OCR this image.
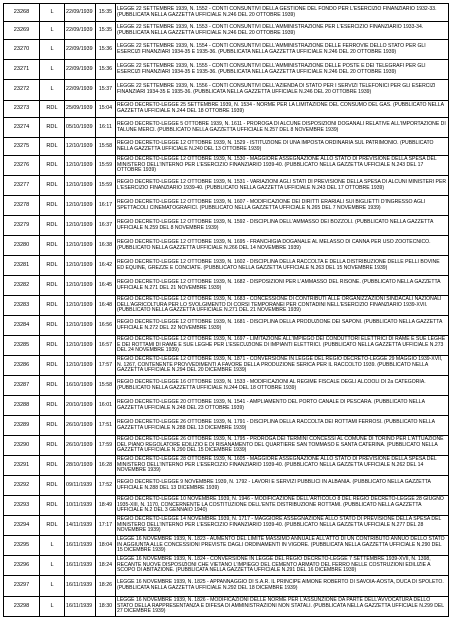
23268	L	22/09/1939	15:35	LEGGE 22 SETTEMBRE 1939, N. 1552 - CONTI CONSUNTIVI DELLA GESTIONE DEL FONDO PER L'ESERCIZIO FINANZIARIO 1932-33. (PUBBLICATA NELLA GAZZETTA UFFICIALE N.246 DEL 20 OTTOBRE 1939)
23269	L	22/09/1939	15:35	LEGGE 22 SETTEMBRE 1939, N. 1553 - CONTI CONSUNTIVI DELL'AMMINISTRAZIONE PER L'ESERCIZIO FINANZIARIO 1933-34. (PUBBLICATA NELLA GAZZETTA UFFICIALE N.246 DEL 20 OTTOBRE 1939)
23270	L	22/09/1939	15:36	LEGGE 22 SETTEMBRE 1939, N. 1554 - CONTI CONSUNTIVI DELL'AMMINISTRAZIONE DELLE FERROVIE DELLO STATO PER GLI ESERCIZI FINANZIARI 1934-35 E 1935-36. (PUBBLICATA NELLA GAZZETTA UFFICIALE N.246 DEL 20 OTTOBRE 1939)
23271	L	22/09/1939	15:36	LEGGE 22 SETTEMBRE 1939, N. 1555 - CONTI CONSUNTIVI DELL'AMMINISTRAZIONE DELLE POSTE E DEI TELEGRAFI PER GLI ESERCIZI FINANZIARI 1934-35 E 1935-36. (PUBBLICATA NELLA GAZZETTA UFFICIALE N.246 DEL 20 OTTOBRE 1939)
23272	L	22/09/1939	15:37	LEGGE 22 SETTEMBRE 1939, N. 1556 - CONTI CONSUNTIVI DELL'AZIENDA DI STATO PER I SERVIZI TELEFONICI PER GLI ESERCIZI FINANZIARI 1934-35 E 1935-36. (PUBBLICATA NELLA GAZZETTA UFFICIALE N.246 DEL 20 OTTOBRE 1939)
23273	RDL	25/09/1939	15:04	REGIO DECRETO-LEGGE 25 SETTEMBRE 1939, N. 1534 - NORME PER LA LIMITAZIONE DEL CONSUMO DEL GAS. (PUBBLICATO NELLA GAZZETTA UFFICIALE N.244 DEL 18 OTTOBRE 1939)
23274	RDL	05/10/1939	16:11	REGIO DECRETO-LEGGE 5 OTTOBRE 1939, N. 1611 - PROROGA DI ALCUNE DISPOSIZIONI DOGANALI RELATIVE ALL'IMPORTAZIONE DI TALUNE MERCI. (PUBBLICATO NELLA GAZZETTA UFFICIALE N.257 DEL 8 NOVEMBRE 1939)
23275	RDL	12/10/1939	15:58	REGIO DECRETO-LEGGE 12 OTTOBRE 1939, N. 1529 - ISTITUZIONE DI UNA IMPOSTA ORDINARIA SUL PATRIMONIO. (PUBBLICATO NELLA GAZZETTA UFFICIALE N.240 DEL 13 OTTOBRE 1939)
23276	RDL	12/10/1939	15:59	REGIO DECRETO-LEGGE 12 OTTOBRE 1939, N. 1530 - MAGGIORE ASSEGNAZIONE ALLO STATO DI PREVISIONE DELLA SPESA DEL MINISTERO DELL'INTERNO PER L'ESERCIZIO FINANZIARIO 1939-40. (PUBBLICATO NELLA GAZZETTA UFFICIALE N.243 DEL 17 OTTOBRE 1939)
23277	RDL	12/10/1939	15:59	REGIO DECRETO-LEGGE 12 OTTOBRE 1939, N. 1531 - VARIAZIONI AGLI STATI DI PREVISIONE DELLA SPESA DI ALCUNI MINISTERI PER L'ESERCIZIO FINANZIARIO 1939-40. (PUBBLICATO NELLA GAZZETTA UFFICIALE N.243 DEL 17 OTTOBRE 1939)
23278	RDL	12/10/1939	16:17	REGIO DECRETO-LEGGE 12 OTTOBRE 1939, N. 1607 - MODIFICAZIONE DEI DIRITTI ERARIALI SUI BIGLIETTI D'INGRESSO AGLI SPETTACOLI CINEMATOGRAFICI. (PUBBLICATO NELLA GAZZETTA UFFICIALE N.265 DEL 7 NOVEMBRE 1939)
23279	RDL	12/10/1939	16:37	REGIO DECRETO-LEGGE 12 OTTOBRE 1939, N. 1592 - DISCIPLINA DELL'AMMASSO DEI BOZZOLI. (PUBBLICATO NELLA GAZZETTA UFFICIALE N.259 DEL 8 NOVEMBRE 1939)
23280	RDL	12/10/1939	16:38	REGIO DECRETO-LEGGE 12 OTTOBRE 1939, N. 1695 - FRANCHIGIA DOGANALE AL MELASSO DI CANNA PER USO ZOOTECNICO. (PUBBLICATO NELLA GAZZETTA UFFICIALE N.266 DEL 14 NOVEMBRE 1939)
23281	RDL	12/10/1939	16:42	REGIO DECRETO-LEGGE 12 OTTOBRE 1939, N. 1602 - DISCIPLINA DELLA RACCOLTA E DELLA DISTRIBUZIONE DELLE PELLI BOVINE ED EQUINE, GREZZE E CONCIATE. (PUBBLICATO NELLA GAZZETTA UFFICIALE N.263 DEL 15 NOVEMBRE 1939)
23282	RDL	12/10/1939	16:45	REGIO DECRETO-LEGGE 12 OTTOBRE 1939, N. 1682 - DISPOSIZIONI PER L'AMMASSO DEL RISONE. (PUBBLICATO NELLA GAZZETTA UFFICIALE N.271 DEL 21 NOVEMBRE 1939)
23283	RDL	12/10/1939	16:48	REGIO DECRETO-LEGGE 12 OTTOBRE 1939, N. 1683 - CONCESSIONE DI CONTRIBUTI ALLE ORGANIZZAZIONI SINDACALI NAZIONALI DELL'AGRICOLTURA PER LO SVOLGIMENTO DI CORSI TEMPORANEI PER CONTADINI NELL'ESERCIZIO FINANZIARIO 1939-XVII. (PUBBLICATO NELLA GAZZETTA UFFICIALE N.271 DEL 21 NOVEMBRE 1939)
23284	RDL	12/10/1939	16:56	REGIO DECRETO-LEGGE 12 OTTOBRE 1939, N. 1681 - DISCIPLINA DELLA PRODUZIONE DEI SAPONI. (PUBBLICATO NELLA GAZZETTA UFFICIALE N.272 DEL 22 NOVEMBRE 1939)
23285	RDL	12/10/1939	16:57	REGIO DECRETO-LEGGE 12 OTTOBRE 1939, N. 1697 - LIMITAZIONE ALL'IMPIEGO DEI CONDUTTORI ELETTRICI DI RAME E SUE LEGHE E DEI ROTTAMI DI RAME E SUE LEGHE PER L'ESECUZIONE DI IMPIANTI ELETTRICI. (PUBBLICATO NELLA GAZZETTA UFFICIALE N.273 DEL 24 NOVEMBRE 1939)
23286	RDL	12/10/1939	17:57	REGIO DECRETO-LEGGE 12 OTTOBRE 1939, N. 1871 - CONVERSIONE IN LEGGE DEL REGIO DECRETO-LEGGE 29 MAGGIO 1939-XVII, N. 1267, CONTENENTE PROVVEDIMENTI A FAVORE DELLA PRODUZIONE SERICA PER IL RACCOLTO 1939. (PUBBLICATO NELLA GAZZETTA UFFICIALE N.294 DEL 20 DICEMBRE 1939)
23287	RDL	16/10/1939	15:58	REGIO DECRETO-LEGGE 16 OTTOBRE 1939, N. 1533 - MODIFICAZIONI AL REGIME FISCALE DEGLI ALCOOLI DI 2a CATEGORIA. (PUBBLICATO NELLA GAZZETTA UFFICIALE N.244 DEL 18 OTTOBRE 1939)
23288	RDL	20/10/1939	16:01	REGIO DECRETO-LEGGE 20 OTTOBRE 1939, N. 1541 - AMPLIAMENTO DEL PORTO CANALE DI PESCARA. (PUBBLICATO NELLA GAZZETTA UFFICIALE N.248 DEL 23 OTTOBRE 1939)
23289	RDL	26/10/1939	17:51	REGIO DECRETO-LEGGE 26 OTTOBRE 1939, N. 1791 - DISCIPLINA DELLA RACCOLTA DEI ROTTAMI FERROSI. (PUBBLICATO NELLA GAZZETTA UFFICIALE N.288 DEL 13 DICEMBRE 1939)
23290	RDL	26/10/1939	17:59	REGIO DECRETO-LEGGE 26 OTTOBRE 1939, N. 1795 - PROROGA DEI TERMINI CONCESSI AL COMUNE DI TORINO PER L'ATTUAZIONE DEL PIANO REGOLATORE EDILIZIO E DI RISANAMENTO DEL QUARTIERE SAN TOMMASO E SANTA CATERINA. (PUBBLICATO NELLA GAZZETTA UFFICIALE N.290 DEL 15 DICEMBRE 1939)
23291	RDL	28/10/1939	16:28	REGIO DECRETO-LEGGE 28 OTTOBRE 1939, N. 1605 - MAGGIORE ASSEGNAZIONE ALLO STATO DI PREVISIONE DELLA SPESA DEL MINISTERO DELL'INTERNO PER L'ESERCIZIO FINANZIARIO 1939-40. (PUBBLICATO NELLA GAZZETTA UFFICIALE N.262 DEL 14 NOVEMBRE 1939)
23292	RDL	09/11/1939	17:52	REGIO DECRETO-LEGGE 9 NOVEMBRE 1939, N. 1792 - LAVORI E SERVIZI PUBBLICI IN ALBANIA. (PUBBLICATO NELLA GAZZETTA UFFICIALE N.288 DEL 13 DICEMBRE 1939)
23293	RDL	10/11/1939	18:49	REGIO DECRETO-LEGGE 10 NOVEMBRE 1939, N. 1946 - MODIFICAZIONE DELL'ARTICOLO 8 DEL REGIO DECRETO-LEGGE 28 GIUGNO 1935-XIII, N. 1170, CONCERNENTE LA COSTITUZIONE DELL'ENTE DISTRIBUZIONE ROTTAMI. (PUBBLICATO NELLA GAZZETTA UFFICIALE N.2 DEL 3 GENNAIO 1940)
23294	RDL	14/11/1939	17:17	REGIO DECRETO-LEGGE 14 NOVEMBRE 1939, N. 1717 - MAGGIORE ASSEGNAZIONE ALLO STATO DI PREVISIONE DELLA SPESA DEL MINISTERO DELL'INTERNO PER L'ESERCIZIO FINANZIARIO 1939-40. (PUBBLICATO NELLA GAZZETTA UFFICIALE N.277 DEL 28 NOVEMBRE 1939)
23295	L	16/11/1939	18:04	LEGGE 16 NOVEMBRE 1939, N. 1823 - AUMENTO DEL LIMITE MASSIMO ANNUALE ALL'ATTO DI UN CONTRIBUTO ANNUO DELLO STATO IN AGGIUNTA ALLE CONCESSIONI PREVISTE DAGLI ORDINAMENTI IN VIGORE. (PUBBLICATA NELLA GAZZETTA UFFICIALE N.290 DEL 15 DICEMBRE 1939)
23296	L	16/11/1939	18:24	LEGGE 16 NOVEMBRE 1939, N. 1824 - CONVERSIONE IN LEGGE DEL REGIO DECRETO-LEGGE 7 SETTEMBRE 1939-XVII, N. 1398, RECANTE NUOVE DISPOSIZIONI CHE VIETANO L'IMPIEGO DEL CEMENTO ARMATO DEL FERRO NELLE COSTRUZIONI EDILIZIE A SCOPO DI ABITAZIONE. (PUBBLICATA NELLA GAZZETTA UFFICIALE N.291 DEL 16 DICEMBRE 1939)
23297	L	16/11/1939	18:26	LEGGE 16 NOVEMBRE 1939, N. 1825 - APPANNAGGIO DI S.A.R. IL PRINCIPE AIMONE ROBERTO DI SAVOIA-AOSTA, DUCA DI SPOLETO. (PUBBLICATA NELLA GAZZETTA UFFICIALE N.292 DEL 18 DICEMBRE 1939)
23298	L	16/11/1939	18:30	LEGGE 16 NOVEMBRE 1939, N. 1826 - MODIFICAZIONI DELLE NORME PER L'ASSUNZIONE DA PARTE DELL'AVVOCATURA DELLO STATO DELLA RAPPRESENTANZA E DIFESA DI AMMINISTRAZIONI NON STATALI. (PUBBLICATA NELLA GAZZETTA UFFICIALE N.299 DEL 27 DICEMBRE 1939)
